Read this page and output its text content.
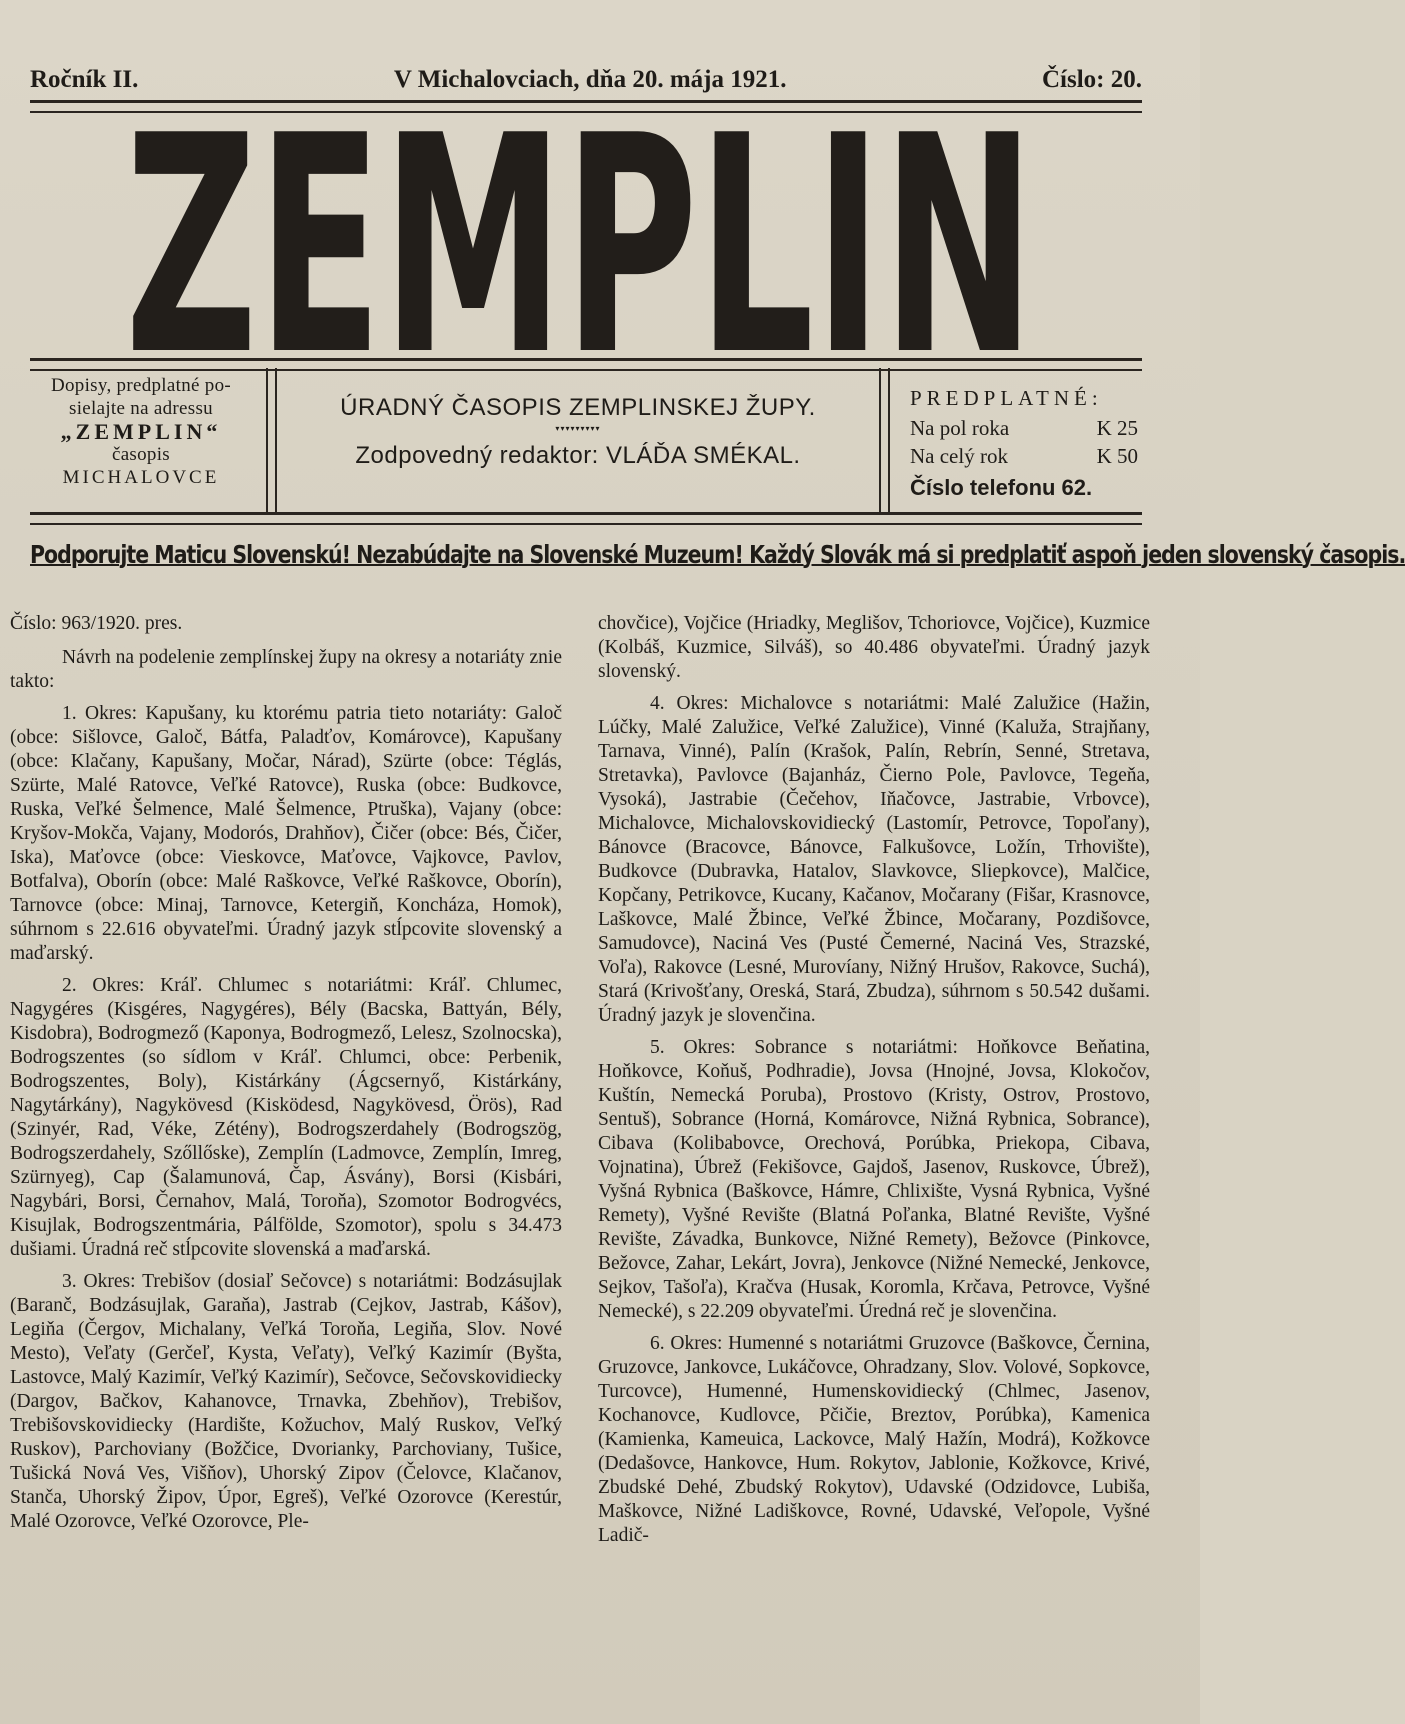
Ročník II.	V Michalovciach, dňa 20. mája 1921.	Číslo: 20.
ZEMPLIN
Dopisy, predplatné po-
sielajte na adressu
„ZEMPLIN“
časopis
MICHALOVCE
ÚRADNÝ ČASOPIS ZEMPLINSKEJ ŽUPY.
▾▾▾▾▾▾▾▾▾
Zodpovedný redaktor: VLÁĎA SMÉKAL.
PREDPLATNÉ:
Na pol roka	K 25
Na celý rok	K 50
Číslo telefonu 62.
Podporujte Maticu Slovenskú! Nezabúdajte na Slovenské Muzeum! Každý Slovák má si predplatiť aspoň jeden slovenský časopis.

Číslo: 963/1920. pres.

Návrh na podelenie zemplínskej župy na okresy a notariáty znie takto:

1. Okres: Kapušany, ku ktorému patria tieto notariáty: Galoč (obce: Sišlovce, Galoč, Bátfa, Paladťov, Komárovce), Kapušany (obce: Klačany, Kapušany, Močar, Nárad), Szürte (obce: Téglás, Szürte, Malé Ratovce, Veľké Ratovce), Ruska (obce: Budkovce, Ruska, Veľké Šelmence, Malé Šelmence, Ptruška), Vajany (obce: Kryšov-Mokča, Vajany, Modorós, Drahňov), Čičer (obce: Bés, Čičer, Iska), Maťovce (obce: Vieskovce, Maťovce, Vajkovce, Pavlov, Botfalva), Oborín (obce: Malé Raškovce, Veľké Raškovce, Oborín), Tarnovce (obce: Minaj, Tarnovce, Ketergiň, Koncháza, Homok), súhrnom s 22.616 obyvateľmi. Úradný jazyk stĺpcovite slovenský a maďarský.

2. Okres: Kráľ. Chlumec s notariátmi: Kráľ. Chlumec, Nagygéres (Kisgéres, Nagygéres), Bély (Bacska, Battyán, Bély, Kisdobra), Bodrogmező (Kaponya, Bodrogmező, Lelesz, Szolnocska), Bodrogszentes (so sídlom v Kráľ. Chlumci, obce: Perbenik, Bodrogszentes, Boly), Kistárkány (Ágcsernyő, Kistárkány, Nagytárkány), Nagykövesd (Kisködesd, Nagykövesd, Örös), Rad (Szinyér, Rad, Véke, Zétény), Bodrogszerdahely (Bodrogszög, Bodrogszerdahely, Szőllőske), Zemplín (Ladmovce, Zemplín, Imreg, Szürnyeg), Cap (Šalamunová, Čap, Ásvány), Borsi (Kisbári, Nagybári, Borsi, Černahov, Malá, Toroňa), Szomotor Bodrogvécs, Kisujlak, Bodrogszentmária, Pálfölde, Szomotor), spolu s 34.473 dušiami. Úradná reč stĺpcovite slovenská a maďarská.

3. Okres: Trebišov (dosiaľ Sečovce) s notariátmi: Bodzásujlak (Baranč, Bodzásujlak, Garaňa), Jastrab (Cejkov, Jastrab, Kášov), Legiňa (Čergov, Michalany, Veľká Toroňa, Legiňa, Slov. Nové Mesto), Veľaty (Gerčeľ, Kysta, Veľaty), Veľký Kazimír (Byšta, Lastovce, Malý Kazimír, Veľký Kazimír), Sečovce, Sečovskovidiecky (Dargov, Bačkov, Kahanovce, Trnavka, Zbehňov), Trebišov, Trebišovskovidiecky (Hardište, Kožuchov, Malý Ruskov, Veľký Ruskov), Parchoviany (Božčice, Dvorianky, Parchoviany, Tušice, Tušická Nová Ves, Višňov), Uhorský Zipov (Čelovce, Klačanov, Stanča, Uhorský Žipov, Úpor, Egreš), Veľké Ozorovce (Kerestúr, Malé Ozorovce, Veľké Ozorovce, Ple-

chovčice), Vojčice (Hriadky, Meglišov, Tchoriovce, Vojčice), Kuzmice (Kolbáš, Kuzmice, Silváš), so 40.486 obyvateľmi. Úradný jazyk slovenský.

4. Okres: Michalovce s notariátmi: Malé Zalužice (Hažin, Lúčky, Malé Zalužice, Veľké Zalužice), Vinné (Kaluža, Strajňany, Tarnava, Vinné), Palín (Krašok, Palín, Rebrín, Senné, Stretava, Stretavka), Pavlovce (Bajanház, Čierno Pole, Pavlovce, Tegeňa, Vysoká), Jastrabie (Čečehov, Iňačovce, Jastrabie, Vrbovce), Michalovce, Michalovskovidiecký (Lastomír, Petrovce, Topoľany), Bánovce (Bracovce, Bánovce, Falkušovce, Ložín, Trhovište), Budkovce (Dubravka, Hatalov, Slavkovce, Sliepkovce), Malčice, Kopčany, Petrikovce, Kucany, Kačanov, Močarany (Fišar, Krasnovce, Laškovce, Malé Žbince, Veľké Žbince, Močarany, Pozdišovce, Samudovce), Naciná Ves (Pusté Čemerné, Naciná Ves, Strazské, Voľa), Rakovce (Lesné, Murovíany, Nižný Hrušov, Rakovce, Suchá), Stará (Krivošťany, Oreská, Stará, Zbudza), súhrnom s 50.542 dušami. Úradný jazyk je slovenčina.

5. Okres: Sobrance s notariátmi: Hoňkovce Beňatina, Hoňkovce, Koňuš, Podhradie), Jovsa (Hnojné, Jovsa, Klokočov, Kuštín, Nemecká Poruba), Prostovo (Kristy, Ostrov, Prostovo, Sentuš), Sobrance (Horná, Komárovce, Nižná Rybnica, Sobrance), Cibava (Kolibabovce, Orechová, Porúbka, Priekopa, Cibava, Vojnatina), Úbrež (Fekišovce, Gajdoš, Jasenov, Ruskovce, Úbrež), Vyšná Rybnica (Baškovce, Hámre, Chlixište, Vysná Rybnica, Vyšné Remety), Vyšné Revište (Blatná Poľanka, Blatné Revište, Vyšné Revište, Závadka, Bunkovce, Nižné Remety), Bežovce (Pinkovce, Bežovce, Zahar, Lekárt, Jovra), Jenkovce (Nižné Nemecké, Jenkovce, Sejkov, Tašoľa), Kračva (Husak, Koromla, Krčava, Petrovce, Vyšné Nemecké), s 22.209 obyvateľmi. Úredná reč je slovenčina.

6. Okres: Humenné s notariátmi Gruzovce (Baškovce, Černina, Gruzovce, Jankovce, Lukáčovce, Ohradzany, Slov. Volové, Sopkovce, Turcovce), Humenné, Humenskovidiecký (Chlmec, Jasenov, Kochanovce, Kudlovce, Pčičie, Breztov, Porúbka), Kamenica (Kamienka, Kameuica, Lackovce, Malý Hažín, Modrá), Kožkovce (Dedašovce, Hankovce, Hum. Rokytov, Jablonie, Kožkovce, Krivé, Zbudské Dehé, Zbudský Rokytov), Udavské (Odzidovce, Lubiša, Maškovce, Nižné Ladiškovce, Rovné, Udavské, Veľopole, Vyšné Ladič-
